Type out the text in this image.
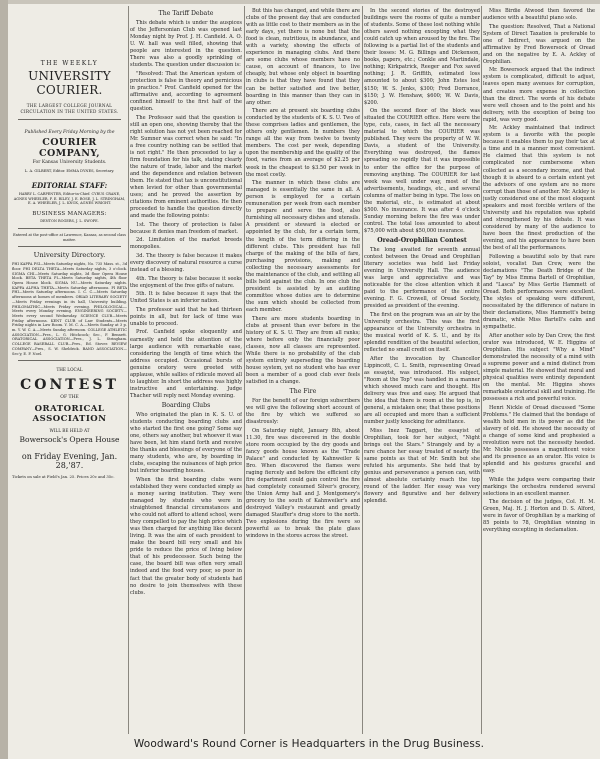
THE WEEKLY
UNIVERSITY COURIER.
THE LARGEST COLLEGE JOURNAL CIRCULATION IN THE UNITED STATES.
Published Every Friday Morning by the
COURIER COMPANY,
For Kansas University Students.
L. A. GILBERT, Editor. EMMA DYNES, Secretary.
EDITORIAL STAFF:
HARRY L. CARPENTER, Editor-in-Chief. CYRUS CRANE, AGNES WHEELER, F. E. RILEY, J. E. ROSE, J. L. STRINGHAM, E. A. WHEELER, J. L. KNOX, AGNES WRIGHT.
BUSINESS MANAGERS:
DENTON ROGERS, J. L. SWOPE.
Entered at the post-office at Lawrence, Kansas, as second class matter.
University Directory.
PHI KAPPA PSI—Meets Saturday nights, No. 735 Mass. st., 3d floor. PHI DELTA THETA—Meets Saturday nights, 3 o'clock. SIGMA CHI—Meets Saturday nights, 3d floor Opera House block. BETA THETA PI—Meets Saturday nights, 4th floor Opera House block. SIGMA NU—Meets Saturday nights. KAPPA ALPHA THETA—Meets Saturday afternoons. PI BETA PHI—Meets Saturday afternoons. I. C. C.—Meets Saturday afternoons at homes of members. ORIAD LITERARY SOCIETY—Meets Friday evenings in its hall, University building. PHILOMATHIC—Meets Friday evening. PHILOLOGICAL—Meets every Monday evening. ENGINEERING SOCIETY—Meets every second Wednesday. SCIENCE CLUB—Meets Friday afternoons. KENT CLUB of Law Students—Meets Friday nights in Law Room. Y. M. C. A.—Meets Sunday at 3 p. m. Y. W. C. A.—Meets Sunday afternoon. COLLEGE ATHLETIC ASSOCIATION—Pres., L. G. Hitchcock; Sec., F. Bennett. ORATORICAL ASSOCIATION—Pres., J. L. Stringham. COLLEGE BASEBALL CLUB—Pres., Ed. Stover. REVIEW COMPANY—Pres., S. W. Sheldrick. BAND ASSOCIATION—Sec'y, E. F. Noel.
THE LOCAL
CONTEST
OF THE
ORATORICAL ASSOCIATION
WILL BE HELD AT
Bowersock's Opera House
on Friday Evening, Jan. 28,'87.
Tickets on sale at Field's Jan. 25. Prices 20c and 35c.
The Tariff Debate

This debate which is under the auspices of the Jeffersonian Club was opened last Monday night by Prof. J. H. Canfield. A. O. U. W. hall was well filled, showing that people are interested in the question. There was also a goodly sprinkling of students. The question under discussion is:

"Resolved: That the American system of protection is false in theory and pernicious in practice." Prof. Canfield opened for the affirmative and, according to agreement confined himself to the first half of the question.

The Professor said that the question is still an open one, showing thereby that the right solution has not yet been reached for Mr. Sumner was correct when he said: "In a free country nothing can be settled that is not right." He then proceeded to lay a firm foundation for his talk, stating clearly the nature of trade, labor and the market and the dependence and relation between them. He stated that tax is unconstitutional when levied for other than governmental uses; and he proved the assertion by citations from eminent authorities. He then proceeded to handle the question directly and made the following points:

1st. The theory of protection is false because it denies man freedom of market.

2d. Limitation of the market breeds monopolies.

3d. The theory is false because it makes every discovery of natural resource a curse instead of a blessing.

4th. The theory is false because it seeks the enjoyment of the free gifts of nature.

5th. It is false because it says that the United States is an inferior nation.

The professor said that he had thirteen points in all, but for lack of time was unable to proceed.

Prof. Canfield spoke eloquently and earnestly and held the attention of the large audience with remarkable ease, considering the length of time which the address occupied. Occasional bursts of genuine oratory were greeted with applause, while sallies of ridicule moved all to laughter. In short the address was highly instructive and entertaining. Judge Thacher will reply next Monday evening.

Boarding Clubs

Who originated the plan in K. S. U. of students conducting boarding clubs and who started the first one going? Some say one, others say another, but whoever it was have been, let him stand forth and receive the thanks and blessings of everyone of the many students, who are, by boarding in clubs, escaping the nuisances of high price but inferior boarding houses.

When the first boarding clubs were established they were conducted simply as a money saving institution. They were managed by students who were in straightened financial circumstances and who could not afford to attend school, were they compelled to pay the high price which was then charged for anything like decent living. It was the aim of each president to make the board bill very small and his pride to reduce the price of living below that of his predecessor. Such being the case, the board bill was often very small indeed and the food very poor, so poor in fact that the greater body of students had no desire to join themselves with these clubs.

But this has changed, and while there are clubs of the present day that are conducted with as little cost to their members as in the early days, yet there is none but that the food is clean, nutritious, in abundance, and with a variety, showing the effects of experience in managing clubs. And there are some clubs whose members have no cause, on account of finances, to live cheaply, but whose only object in boarding in clubs is that they have found that they can be better satisfied and live better, boarding in this manner than they can in any other.

There are at present six boarding clubs conducted by the students of K. S. U. Two of these comprises ladies and gentlemen, the others only gentlemen. In numbers they range all the way from twelve to twenty members. The cost per week, depending upon the membership and the quality of the food, varies from an average of $2.25 per week in the cheapest to $3.50 per week in the most costly.

The manner in which these clubs are managed is essentially the same in all. A person is employed for a certain remuneration per week from each member to prepare and serve the food, also furnishing all necessary dishes and utensils. A president or steward is elected or appointed by the club, for a certain term, the length of the term differing in the different clubs. This president has full charge of the making of the bills of fare, purchasing provisions, making and collecting the necessary assessments for the maintenance of the club, and settling all bills held against the club. In one club the president is assisted by an auditing committee whose duties are to determine the sum which should be collected from each member.

There are more students boarding in clubs at present than ever before in the history of K. S. U. They are from all ranks; where before only the financially poor classes, now all classes are represented. While there is no probability of the club system entirely superseding the boarding house system, yet no student who has ever been a member of a good club ever feels satisfied in a change.

The Fire

For the benefit of our foreign subscribers we will give the following short account of the fire by which we suffered so disastrously:

On Saturday night, January 8th, about 11.30, fire was discovered in the double store room occupied by the dry goods and fancy goods house known as the "Trade Palace" and conducted by Kahnweiler & Bro. When discovered the flames were raging fiercely and before the efficient city fire department could gain control the fire had completely consumed Silver's grocery, the Union Army hall and J. Montgomery's grocery to the south of Kahnweiler's and destroyed Valley's restaurant and greatly damaged Stauffer's drug store to the north. Two explosions during the fire were so powerful as to break the plate glass windows in the stores across the street.

In the second stories of the destroyed buildings were the rooms of quite a number of students. Some of these lost nothing while others saved nothing excepting what they could catch up when aroused by the fire. The following is a partial list of the students and their losses: M. G. Billings and Dickenson, books, papers, etc.; Conkle and Martindale, nothing; Kirkpatrick, Reeger and Fox saved nothing; J. R. Griffith, estimated loss amounted to about $300; John Estes lost $150; W. S. Jenks, $300; Fred Dorrance, $150; J. W. Henshaw, $600; W. W. Davis, $200.

On the second floor of the block was situated the COURIER office. Here were the type, cuts, cases, in fact all the necessary material to which the COURIER was published. They were the property of W. W. Davis, a student of the University. Everything was destroyed, the flames spreading so rapidly that it was impossible to enter the office for the purpose of removing anything. The COURIER for last week was well under way, most of the advertisements, headings, etc., and several columns of matter being in type. The loss on the material, etc., is estimated at about $500. No insurance. It was after 4 o'clock Sunday morning before the fire was under control. The total loss amounted to about $75,000 with about $50,000 insurance.

Oread-Orophilian Contest

The long awaited for seventh annual contest between the Oread and Orophilian literary societies was held last Friday evening in University Hall. The audience was large and appreciative and was noticeable for the close attention which it paid to the performance of the entire evening. F. G. Crowell, of Oread Society, presided as president of the evening.

The first on the program was an air by the University orchestra. This was the first appearance of the University orchestra in the musical world of K. S. U., and by its splendid rendition of the beautiful selection, reflected no small credit on itself.

After the invocation by Chancellor Lippincott, C. L. Smith, representing Oread as essayist, was introduced. His subject, "Room at the Top" was handled in a manner which showed much care and thought. His delivery was free and easy. He argued that the idea that there is room at the top is, in general, a mistaken one; that these positions are all occupied and more than a sufficient number justly knocking for admittance.

Miss Inez Taggart, the essayist of Orophilian, took for her subject, "Night brings out the Stars." Strangely and by a rare chance her essay treated of nearly the same points as that of Mr. Smith but she refuted his arguments. She held that by genius and perseverance a person can, with almost absolute certainty reach the top round of the ladder. Her essay was very flowery and figurative and her delivery splendid.

Miss Birdie Atwood then favored the audience with a beautiful piano solo.

The question: Resolved, That a National System of Direct Taxation is preferable to one of Indirect, was argued on the affirmative by Fred Bowersock of Oread and on the negative by E. A. Ackley of Orophilian.

Mr. Bowersock argued that the indirect system is complicated, difficult to adjust, leaves open many avenues for corruption, and creates more expense in collection than the direct. The words of his debate were well chosen and to the point and his delivery, with the exception of being too rapid, was very good.

Mr. Ackley maintained that indirect system is a favorite with the people because it enables them to pay their tax at a time and in a manner most convenient. He claimed that this system is not complicated nor cumbersome when collected as a secondary income, and that though it is absurd to a certain extent yet the advisors of one system are no more corrupt than those of another. Mr. Ackley is justly considered one of the most eloquent speakers and most forcible writers of the University and his reputation was upheld and strengthened by his debate. It was considered by many of the audience to have been the finest production of the evening, and his appearance to have been the best of all the performances.

Following a beautiful solo by that rare soloist, vocalist Dan Crew, were the declamations "The Death Bridge of the Tay" by Miss Emma Bartell of Orophilian, and "Lasca" by Miss Gertie Hammett of Oread. Both performances were excellent. The styles of speaking were different, necessitated by the difference of nature in their declamations, Miss Hammett's being dramatic, while Miss Bartell's calm and sympathetic.

After another solo by Dan Crew, the first orator was introduced, W. E. Higgins of Orophilian. His subject "Why a Mind" demonstrated the necessity of a mind with a supreme power and a mind distinct from simple material. He showed that moral and physical qualities were entirely dependent on the mental. Mr. Higgins shows remarkable oratorical skill and training. He possesses a rich and powerful voice.

Henri Nickle of Oread discussed "Some Problems." He claimed that the bondage of wealth held men in its power as did the slavery of old. He showed the necessity of a change of some kind and prophesied a revolution were not the necessity heeded. Mr. Nickle possesses a magnificent voice and its presence as an orator. His voice is splendid and his gestures graceful and easy.

While the judges were comparing their markings the orchestra rendered several selections in an excellent manner.

The decision of the judges, Col. H. M. Green, Maj. H. J. Horton and D. S. Alford, were in favor of Orophilian by a marking of 85 points to 78, Orophilian winning in everything excepting in declamation.

Woodward's Round Corner is Headquarters in the Drug Business.
